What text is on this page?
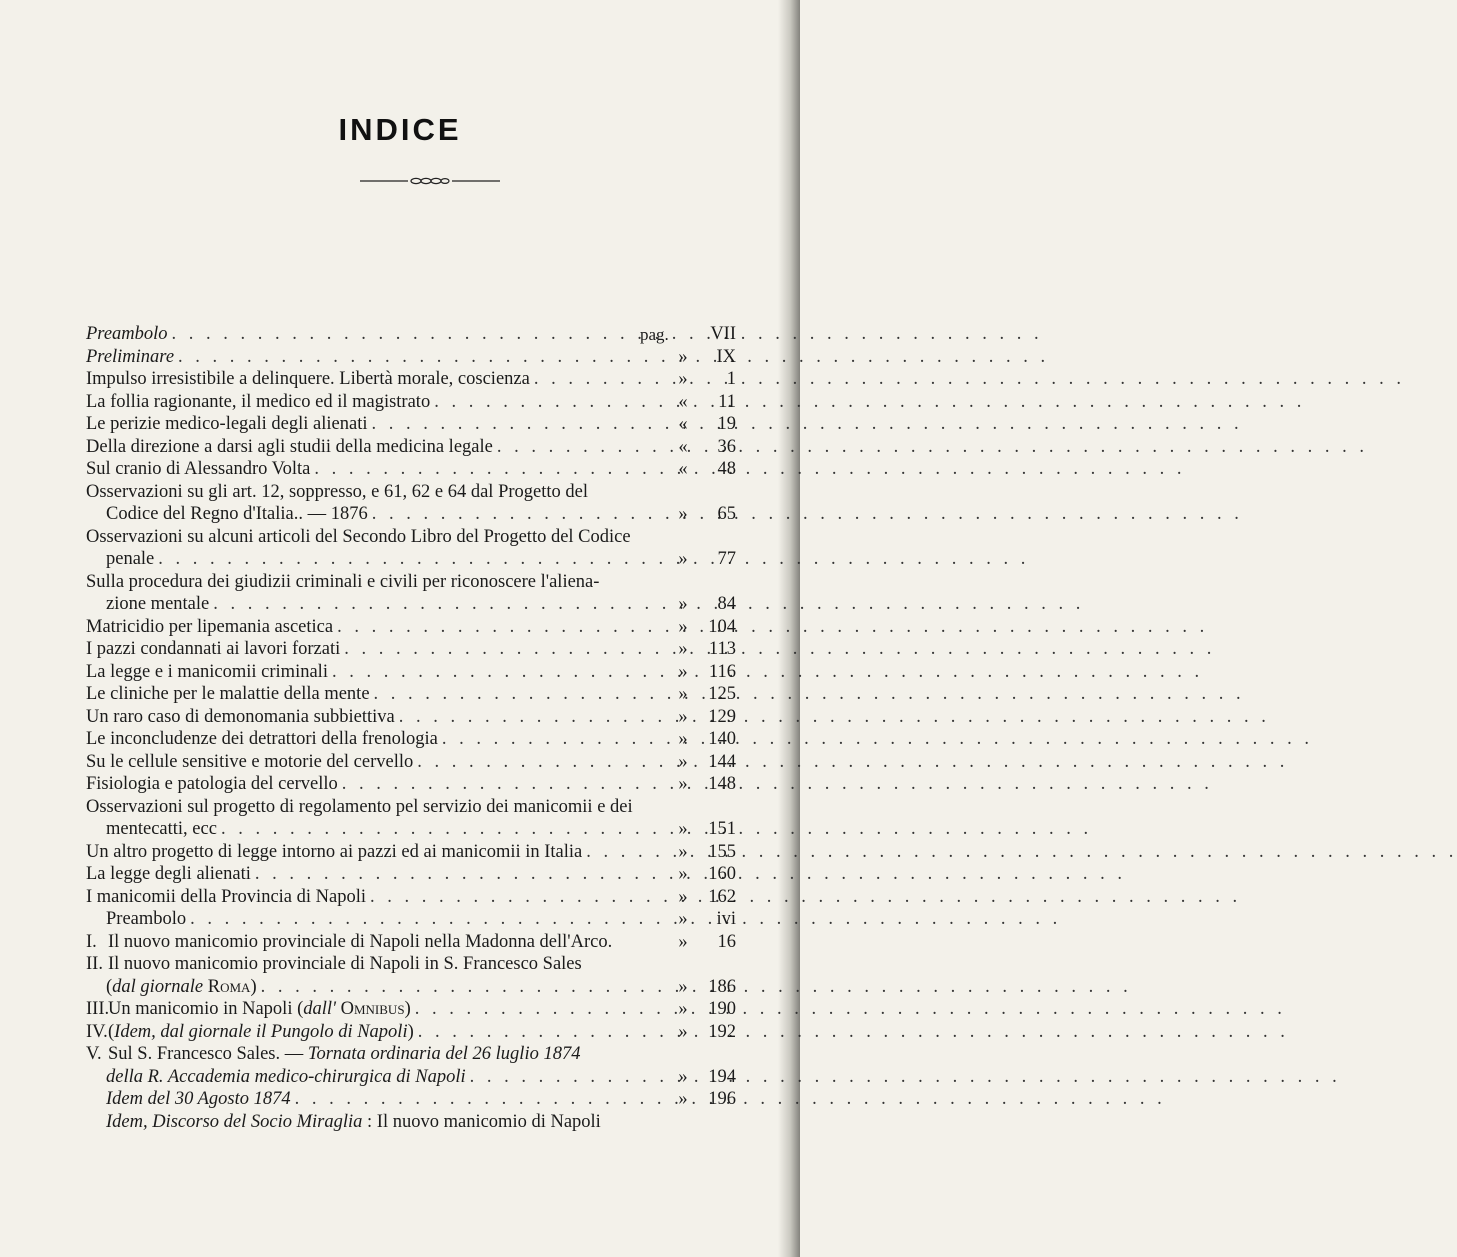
INDICE
pag.
Preambolo . . .	VII
Preliminare . . .	»	IX
Impulso irresistibile a delinquere. Libertà morale, coscienza . . .	»	1
La follia ragionante, il medico ed il magistrato . . .	«	11
Le perizie medico-legali degli alienati . . .	«	19
Della direzione a darsi agli studii della medicina legale . . .	«	36
Sul cranio di Alessandro Volta . . .	«	48
Osservazioni su gli art. 12, soppresso, e 61, 62 e 64 dal Progetto del
Codice del Regno d'Italia.. — 1876 . . .	»	65
Osservazioni su alcuni articoli del Secondo Libro del Progetto del Codice
penale . . .	»	77
Sulla procedura dei giudizii criminali e civili per riconoscere l'aliena-
zione mentale . . .	»	84
Matricidio per lipemania ascetica . . .	»	104
I pazzi condannati ai lavori forzati . . .	»	113
La legge e i manicomii criminali . . .	»	116
Le cliniche per le malattie della mente . . .	»	125
Un raro caso di demonomania subbiettiva . . .	»	129
Le inconcludenze dei detrattori della frenologia . . .	»	140
Su le cellule sensitive e motorie del cervello . . .	»	144
Fisiologia e patologia del cervello . . .	»	148
Osservazioni sul progetto di regolamento pel servizio dei manicomii e dei
mentecatti, ecc . . .	»	151
Un altro progetto di legge intorno ai pazzi ed ai manicomii in Italia . . .	»	155
La legge degli alienati . . .	»	160
I manicomii della Provincia di Napoli . . .	»	162
Preambolo . . .	»	ivi
I. Il nuovo manicomio provinciale di Napoli nella Madonna dell'Arco.	»	16
II. Il nuovo manicomio provinciale di Napoli in S. Francesco Sales
(dal giornale Roma) . . .	»	186
III.Un manicomio in Napoli (dall' Omnibus) . . .	»	190
IV.(Idem, dal giornale il Pungolo di Napoli) . . .	»	192
V. Sul S. Francesco Sales. — Tornata ordinaria del 26 luglio 1874
della R. Accademia medico-chirurgica di Napoli . . .	»	194
Idem del 30 Agosto 1874 . . .	»	196
Idem, Discorso del Socio Miraglia : Il nuovo manicomio di Napoli
